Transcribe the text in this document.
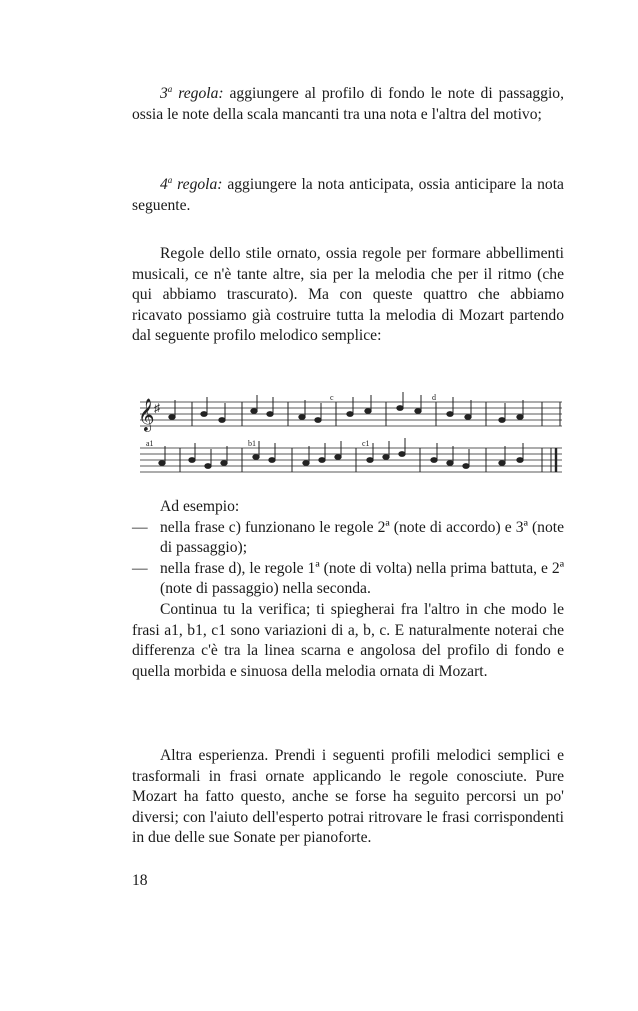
3$^a$ regola: aggiungere al profilo di fondo le note di passaggio, ossia le note della scala mancanti tra una nota e l'altra del motivo;

4$^a$ regola: aggiungere la nota anticipata, ossia anticipare la nota seguente.

Regole dello stile ornato, ossia regole per formare abbellimenti musicali, ce n'è tante altre, sia per la melodia che per il ritmo (che qui abbiamo trascurato). Ma con queste quattro che abbiamo ricavato possiamo già costruire tutta la melodia di Mozart partendo dal seguente profilo melodico semplice:

𝄞 ♯
c	d
a1	b1	c1

Ad esempio:

— nella frase c) funzionano le regole 2ª (note di accordo) e 3ª (note di passaggio);
— nella frase d), le regole 1ª (note di volta) nella prima battuta, e 2ª (note di passaggio) nella seconda.

Continua tu la verifica; ti spiegherai fra l'altro in che modo le frasi a1, b1, c1 sono variazioni di a, b, c. E naturalmente noterai che differenza c'è tra la linea scarna e angolosa del profilo di fondo e quella morbida e sinuosa della melodia ornata di Mozart.

Altra esperienza. Prendi i seguenti profili melodici semplici e trasformali in frasi ornate applicando le regole conosciute. Pure Mozart ha fatto questo, anche se forse ha seguito percorsi un po' diversi; con l'aiuto dell'esperto potrai ritrovare le frasi corrispondenti in due delle sue Sonate per pianoforte.

18
